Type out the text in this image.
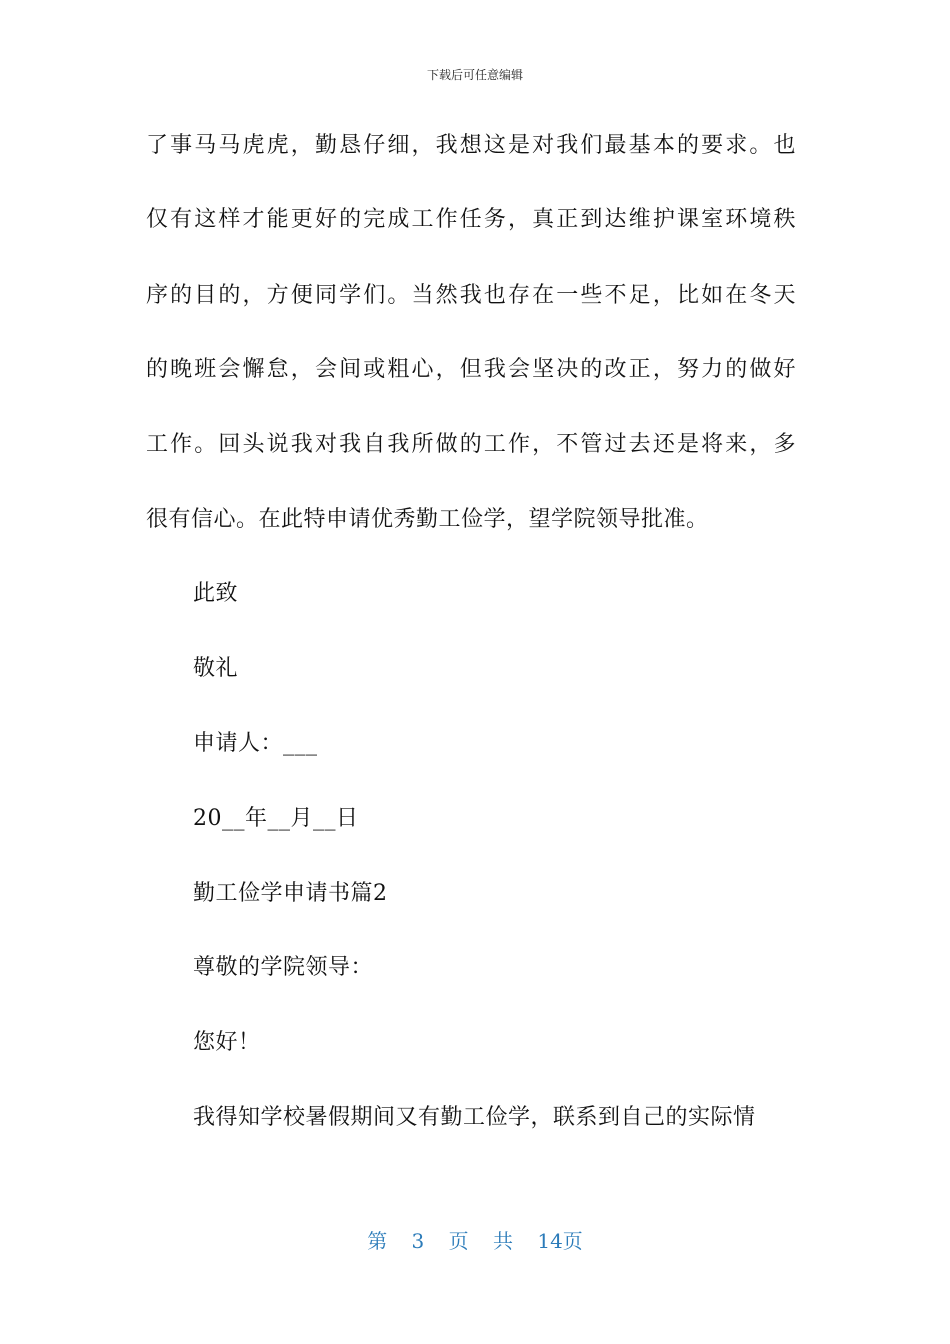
下载后可任意编辑
了事马马虎虎，勤恳仔细，我想这是对我们最基本的要求。也
仅有这样才能更好的完成工作任务，真正到达维护课室环境秩
序的目的，方便同学们。当然我也存在一些不足，比如在冬天
的晚班会懈怠，会间或粗心，但我会坚决的改正，努力的做好
工作。回头说我对我自我所做的工作，不管过去还是将来，多
很有信心。在此特申请优秀勤工俭学，望学院领导批准。
此致
敬礼
申请人：___
20__年__月__日
勤工俭学申请书篇2
尊敬的学院领导：
您好！
我得知学校暑假期间又有勤工俭学，联系到自己的实际情
第 3 页 共 14页
